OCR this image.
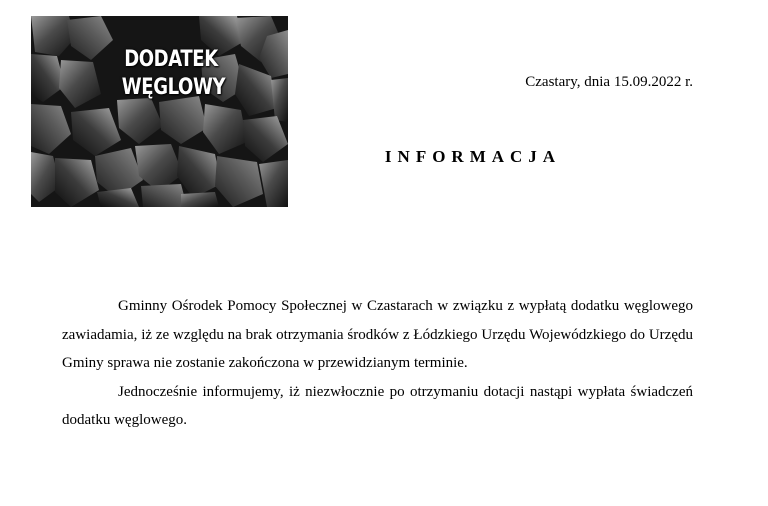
DODATEK
WĘGLOWY	Czastary, dnia 15.09.2022 r.
INFORMACJA

Gminny Ośrodek Pomocy Społecznej w Czastarach w związku z wypłatą dodatku węglowego zawiadamia, iż ze względu na brak otrzymania środków z Łódzkiego Urzędu Wojewódzkiego do Urzędu Gminy sprawa nie zostanie zakończona w przewidzianym terminie.

Jednocześnie informujemy, iż niezwłocznie po otrzymaniu dotacji nastąpi wypłata świadczeń dodatku węglowego.
